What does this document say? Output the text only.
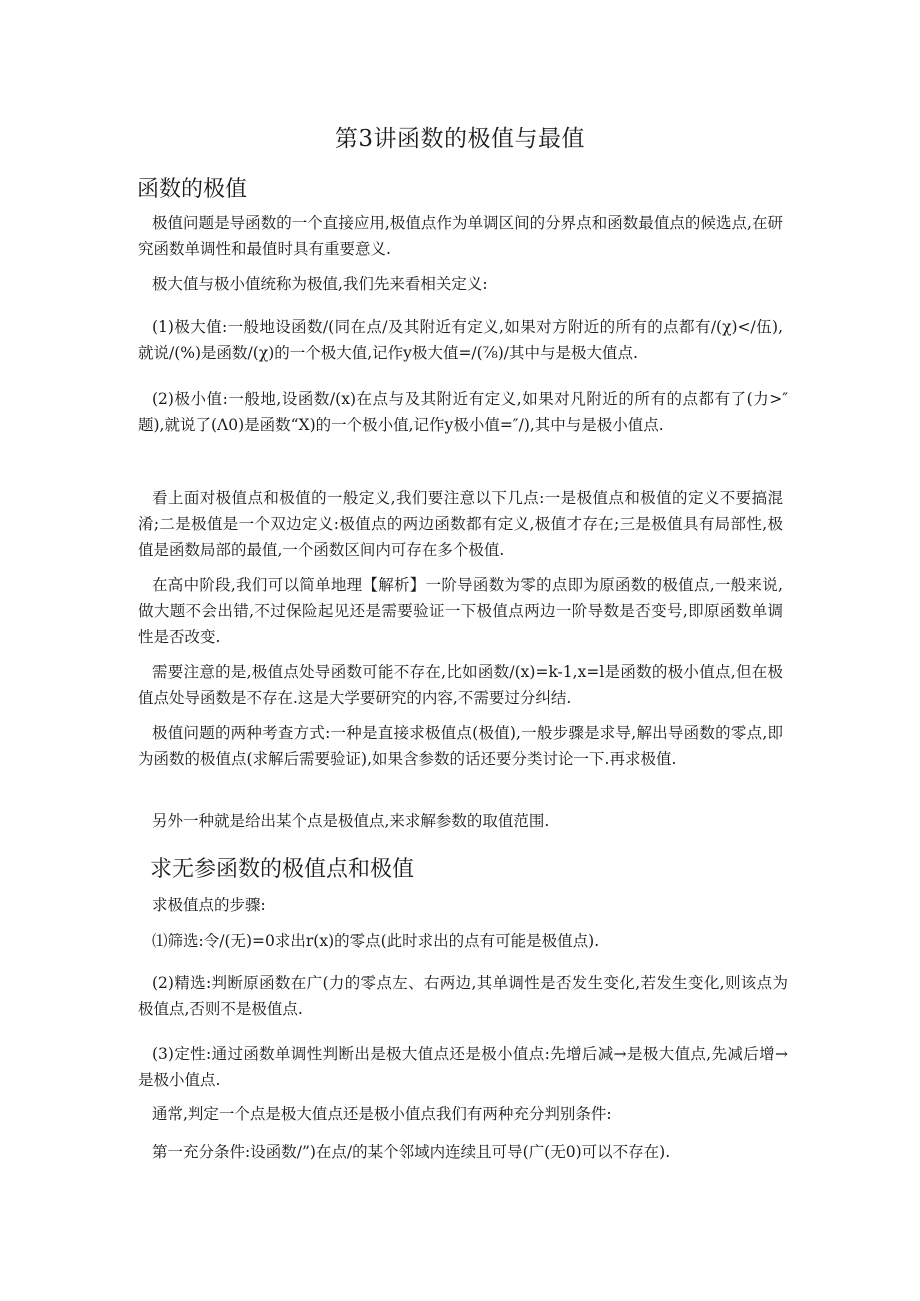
第3讲函数的极值与最值
函数的极值
极值问题是导函数的一个直接应用,极值点作为单调区间的分界点和函数最值点的候选点,在研究函数单调性和最值时具有重要意义.
极大值与极小值统称为极值,我们先来看相关定义:
(1)极大值:一般地设函数/(同在点/及其附近有定义,如果对方附近的所有的点都有/(χ)</伍),就说/(%)是函数/(χ)的一个极大值,记作y极大值=/(⅞)/其中与是极大值点.
(2)极小值:一般地,设函数/(x)在点与及其附近有定义,如果对凡附近的所有的点都有了(力>″题),就说了(Λ0)是函数“X)的一个极小值,记作y极小值=″/),其中与是极小值点.
看上面对极值点和极值的一般定义,我们要注意以下几点:一是极值点和极值的定义不要搞混淆;二是极值是一个双边定义:极值点的两边函数都有定义,极值才存在;三是极值具有局部性,极值是函数局部的最值,一个函数区间内可存在多个极值.
在高中阶段,我们可以简单地理【解析】一阶导函数为零的点即为原函数的极值点,一般来说,做大题不会出错,不过保险起见还是需要验证一下极值点两边一阶导数是否变号,即原函数单调性是否改变.
需要注意的是,极值点处导函数可能不存在,比如函数/(x)=k-1,x=l是函数的极小值点,但在极值点处导函数是不存在.这是大学要研究的内容,不需要过分纠结.
极值问题的两种考查方式:一种是直接求极值点(极值),一般步骤是求导,解出导函数的零点,即为函数的极值点(求解后需要验证),如果含参数的话还要分类讨论一下.再求极值.
另外一种就是给出某个点是极值点,来求解参数的取值范围.
求无参函数的极值点和极值
求极值点的步骤:
⑴筛选:令/(无)=0求出r(x)的零点(此时求出的点有可能是极值点).
(2)精选:判断原函数在广(力的零点左、右两边,其单调性是否发生变化,若发生变化,则该点为极值点,否则不是极值点.
(3)定性:通过函数单调性判断出是极大值点还是极小值点:先增后减→是极大值点,先减后增→是极小值点.
通常,判定一个点是极大值点还是极小值点我们有两种充分判别条件:
第一充分条件:设函数/”)在点/的某个邻域内连续且可导(广(无0)可以不存在).
